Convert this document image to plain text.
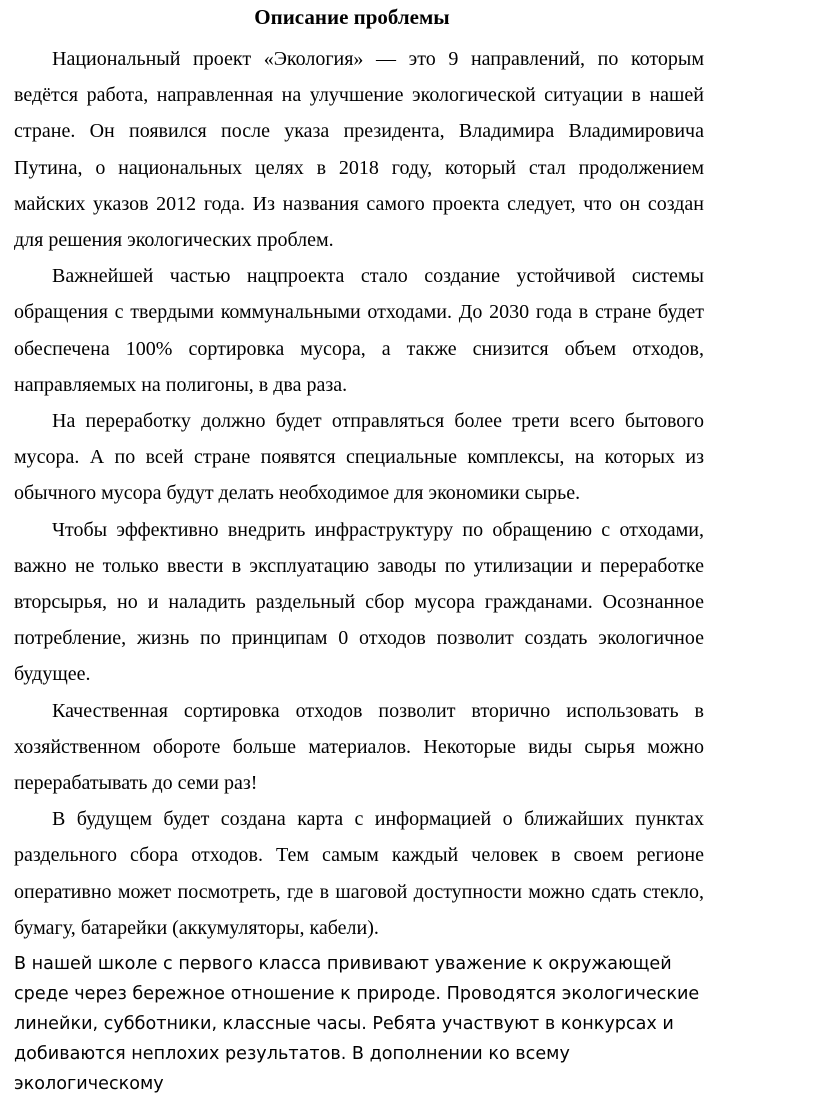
Описание проблемы

Национальный проект «Экология» — это 9 направлений, по которым ведётся работа, направленная на улучшение экологической ситуации в нашей стране. Он появился после указа президента, Владимира Владимировича Путина, о национальных целях в 2018 году, который стал продолжением майских указов 2012 года. Из названия самого проекта следует, что он создан для решения экологических проблем.

Важнейшей частью нацпроекта стало создание устойчивой системы обращения с твердыми коммунальными отходами. До 2030 года в стране будет обеспечена 100% сортировка мусора, а также снизится объем отходов, направляемых на полигоны, в два раза.

На переработку должно будет отправляться более трети всего бытового мусора. А по всей стране появятся специальные комплексы, на которых из обычного мусора будут делать необходимое для экономики сырье.

Чтобы эффективно внедрить инфраструктуру по обращению с отходами, важно не только ввести в эксплуатацию заводы по утилизации и переработке вторсырья, но и наладить раздельный сбор мусора гражданами. Осознанное потребление, жизнь по принципам 0 отходов позволит создать экологичное будущее.

Качественная сортировка отходов позволит вторично использовать в хозяйственном обороте больше материалов. Некоторые виды сырья можно перерабатывать до семи раз!

В будущем будет создана карта с информацией о ближайших пунктах раздельного сбора отходов. Тем самым каждый человек в своем регионе оперативно может посмотреть, где в шаговой доступности можно сдать стекло, бумагу, батарейки (аккумуляторы, кабели).

В нашей школе с первого класса прививают уважение к окружающей среде через бережное отношение к природе. Проводятся экологические линейки, субботники, классные часы. Ребята участвуют в конкурсах и добиваются неплохих результатов. В дополнении ко всему экологическому
